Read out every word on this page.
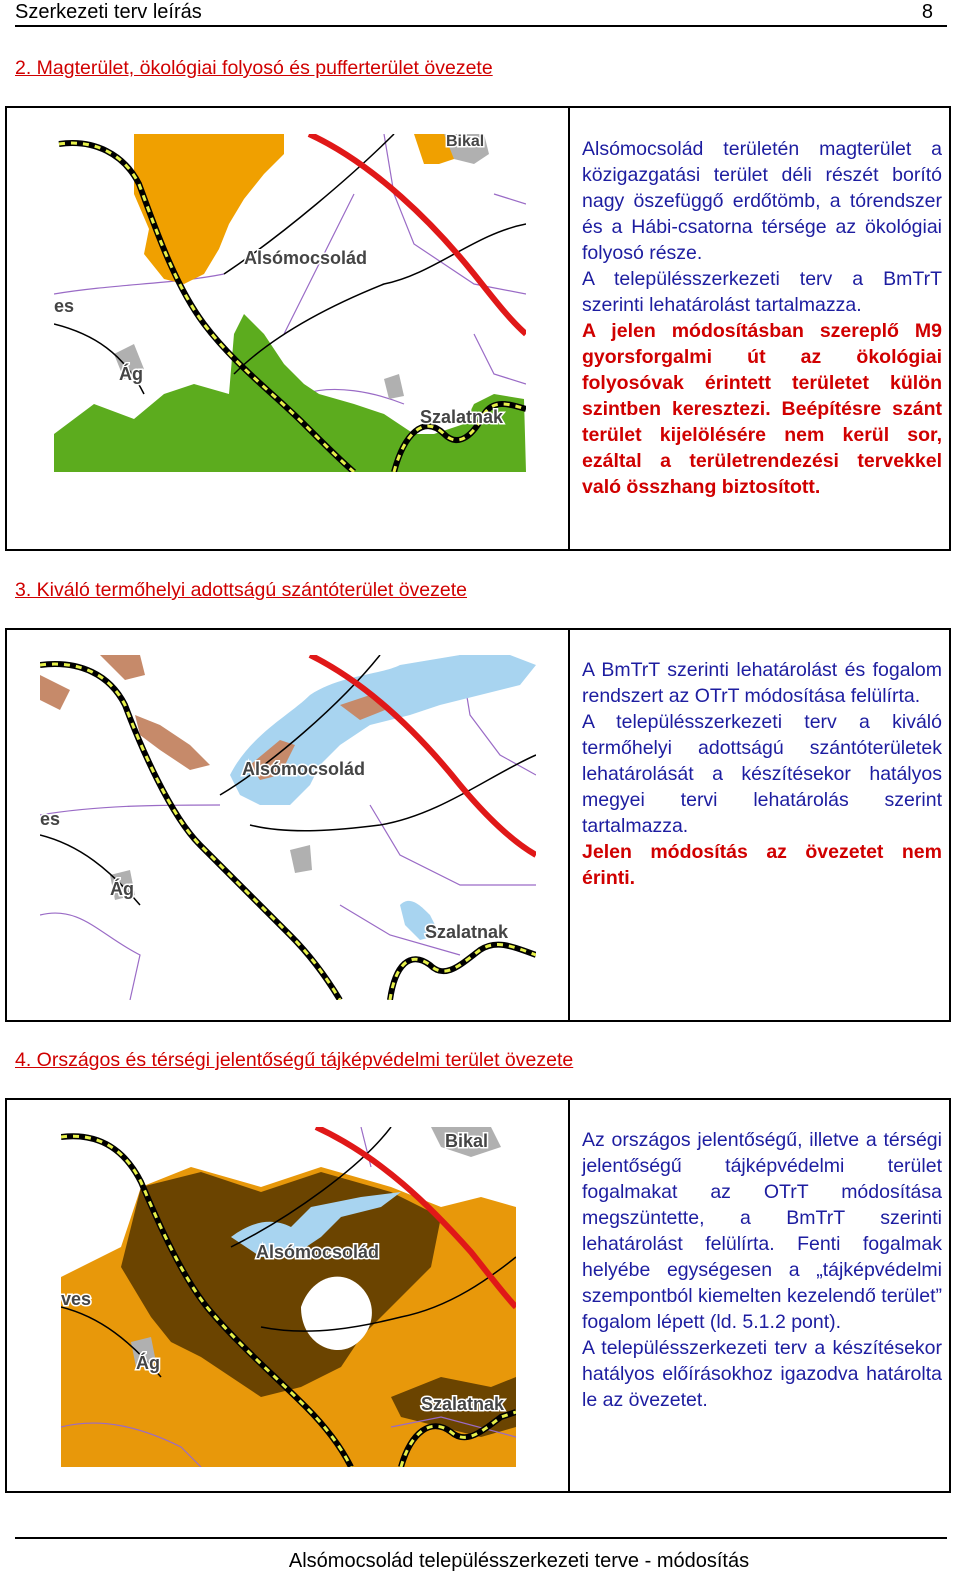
Szerkezeti terv leírás	8
2. Magterület, ökológiai folyosó és pufferterület övezete
Alsómocsolád
Bikal
Ág
Szalatnak
es

Alsómocsolád területén magterület a közigazgatási terület déli részét borító nagy öszefüggő erdőtömb, a tórendszer és a Hábi-csatorna térsége az ökológiai folyosó része.

A településszerkezeti terv a BmTrT szerinti lehatárolást tartalmazza.

A jelen módosításban szereplő M9 gyorsforgalmi út az ökológiai folyosóvak érintett területet külön szintben keresztezi. Beépítésre szánt terület kijelölésére nem kerül sor, ezáltal a területrendezési tervekkel való összhang biztosított.

3. Kiváló termőhelyi adottságú szántóterület övezete
Alsómocsolád
Ág
Szalatnak
es

A BmTrT szerinti lehatárolást és fogalom rendszert az OTrT módosítása felülírta.

A településszerkezeti terv a kiváló termőhelyi adottságú szántóterületek lehatárolását a készítésekor hatályos megyei tervi lehatárolás szerint tartalmazza.

Jelen módosítás az övezetet nem érinti.

4. Országos és térségi jelentőségű tájképvédelmi terület övezete
Alsómocsolád
Bikal
Ág
Szalatnak
ves

Az országos jelentőségű, illetve a térségi jelentőségű tájképvédelmi terület fogalmakat az OTrT módosítása megszüntette, a BmTrT szerinti lehatárolást felülírta. Fenti fogalmak helyébe egységesen a „tájképvédelmi szempontból kiemelten kezelendő terület” fogalom lépett (ld. 5.1.2 pont).

A településszerkezeti terv a készítésekor hatályos előírásokhoz igazodva határolta le az övezetet.

Alsómocsolád településszerkezeti terve - módosítás
